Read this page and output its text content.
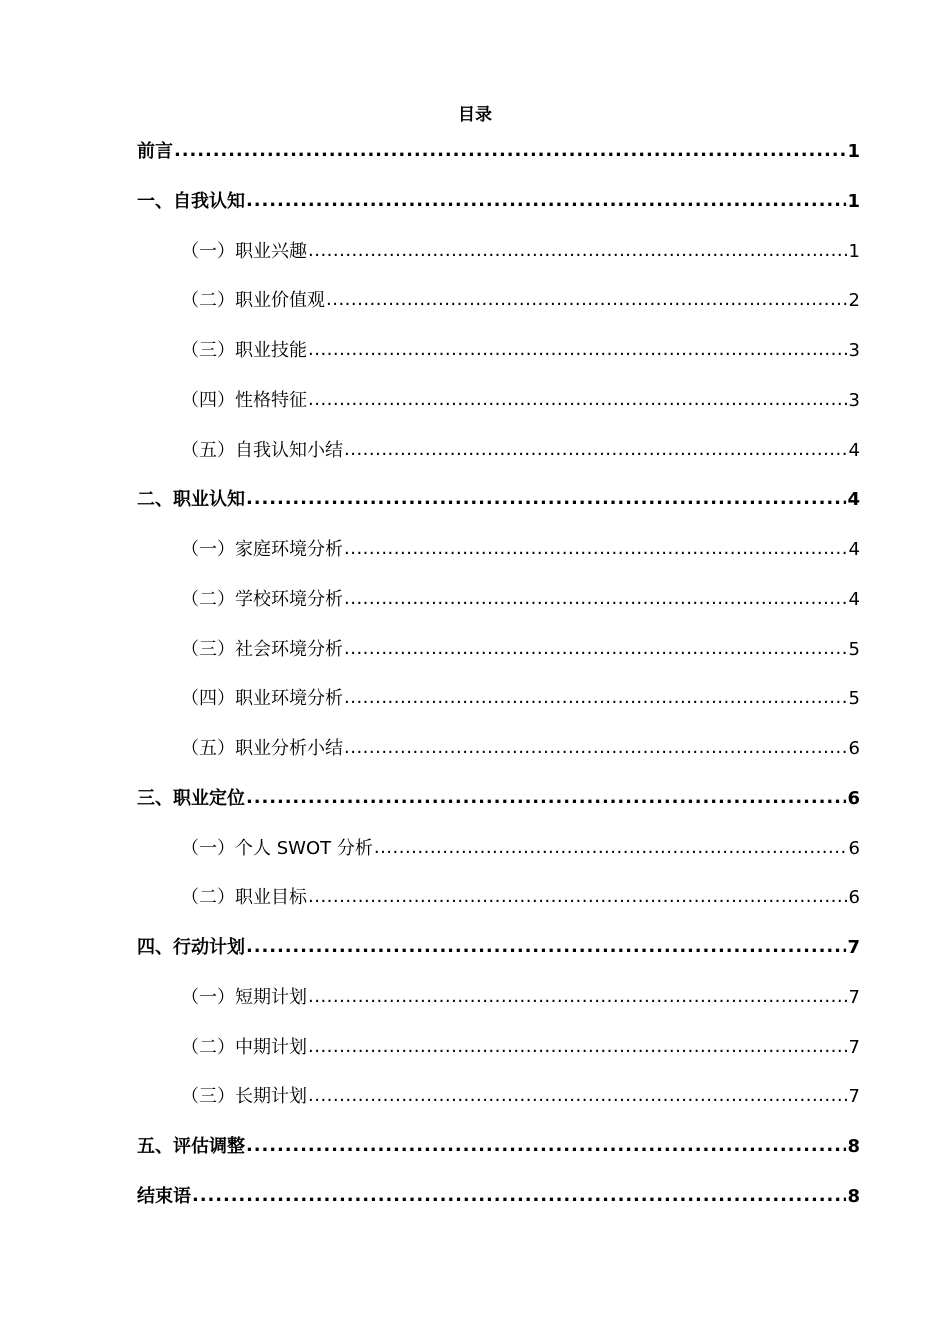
目录
前言 .....	1
一、自我认知 .....	1
（一）职业兴趣 .....	1
（二）职业价值观 .....	2
（三）职业技能 .....	3
（四）性格特征 .....	3
（五）自我认知小结 .....	4
二、职业认知 .....	4
（一）家庭环境分析 .....	4
（二）学校环境分析 .....	4
（三）社会环境分析 .....	5
（四）职业环境分析 .....	5
（五）职业分析小结 .....	6
三、职业定位 .....	6
（一）个人 SWOT 分析 .....	6
（二）职业目标 .....	6
四、行动计划 .....	7
（一）短期计划 .....	7
（二）中期计划 .....	7
（三）长期计划 .....	7
五、评估调整 .....	8
结束语 .....	8
